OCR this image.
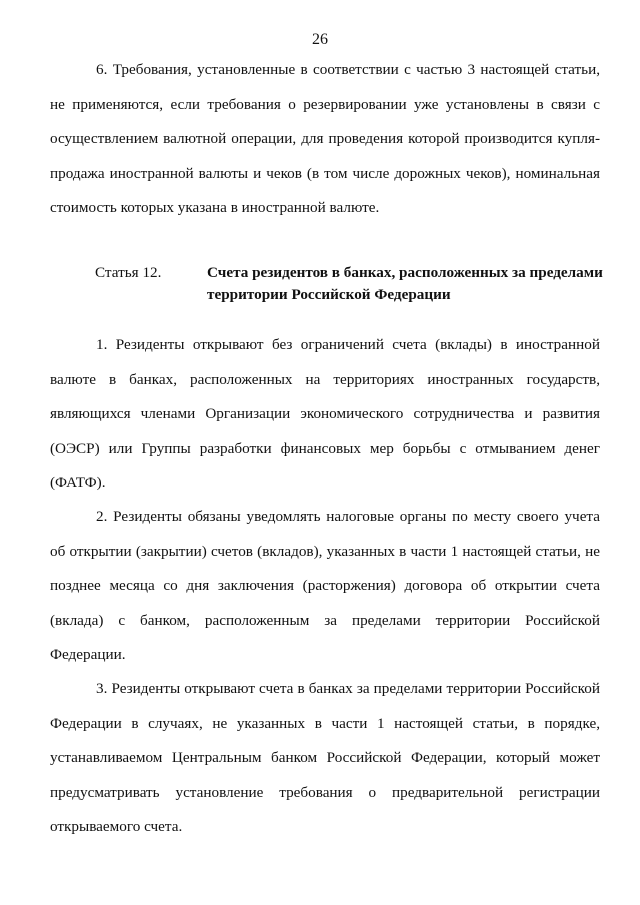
26

6. Требования, установленные в соответствии с частью 3 настоящей статьи, не применяются, если требования о резервировании уже установлены в связи с осуществлением валютной операции, для проведения которой производится купля-продажа иностранной валюты и чеков (в том числе дорожных чеков), номинальная стоимость которых указана в иностранной валюте.

Статья 12.	Счета резидентов в банках, расположенных за пределами территории Российской Федерации

1. Резиденты открывают без ограничений счета (вклады) в иностранной валюте в банках, расположенных на территориях иностранных государств, являющихся членами Организации экономического сотрудничества и развития (ОЭСР) или Группы разработки финансовых мер борьбы с отмыванием денег (ФАТФ).

2. Резиденты обязаны уведомлять налоговые органы по месту своего учета об открытии (закрытии) счетов (вкладов), указанных в части 1 настоящей статьи, не позднее месяца со дня заключения (расторжения) договора об открытии счета (вклада) с банком, расположенным за пределами территории Российской Федерации.

3. Резиденты открывают счета в банках за пределами территории Российской Федерации в случаях, не указанных в части 1 настоящей статьи, в порядке, устанавливаемом Центральным банком Российской Федерации, который может предусматривать установление требования о предварительной регистрации открываемого счета.
